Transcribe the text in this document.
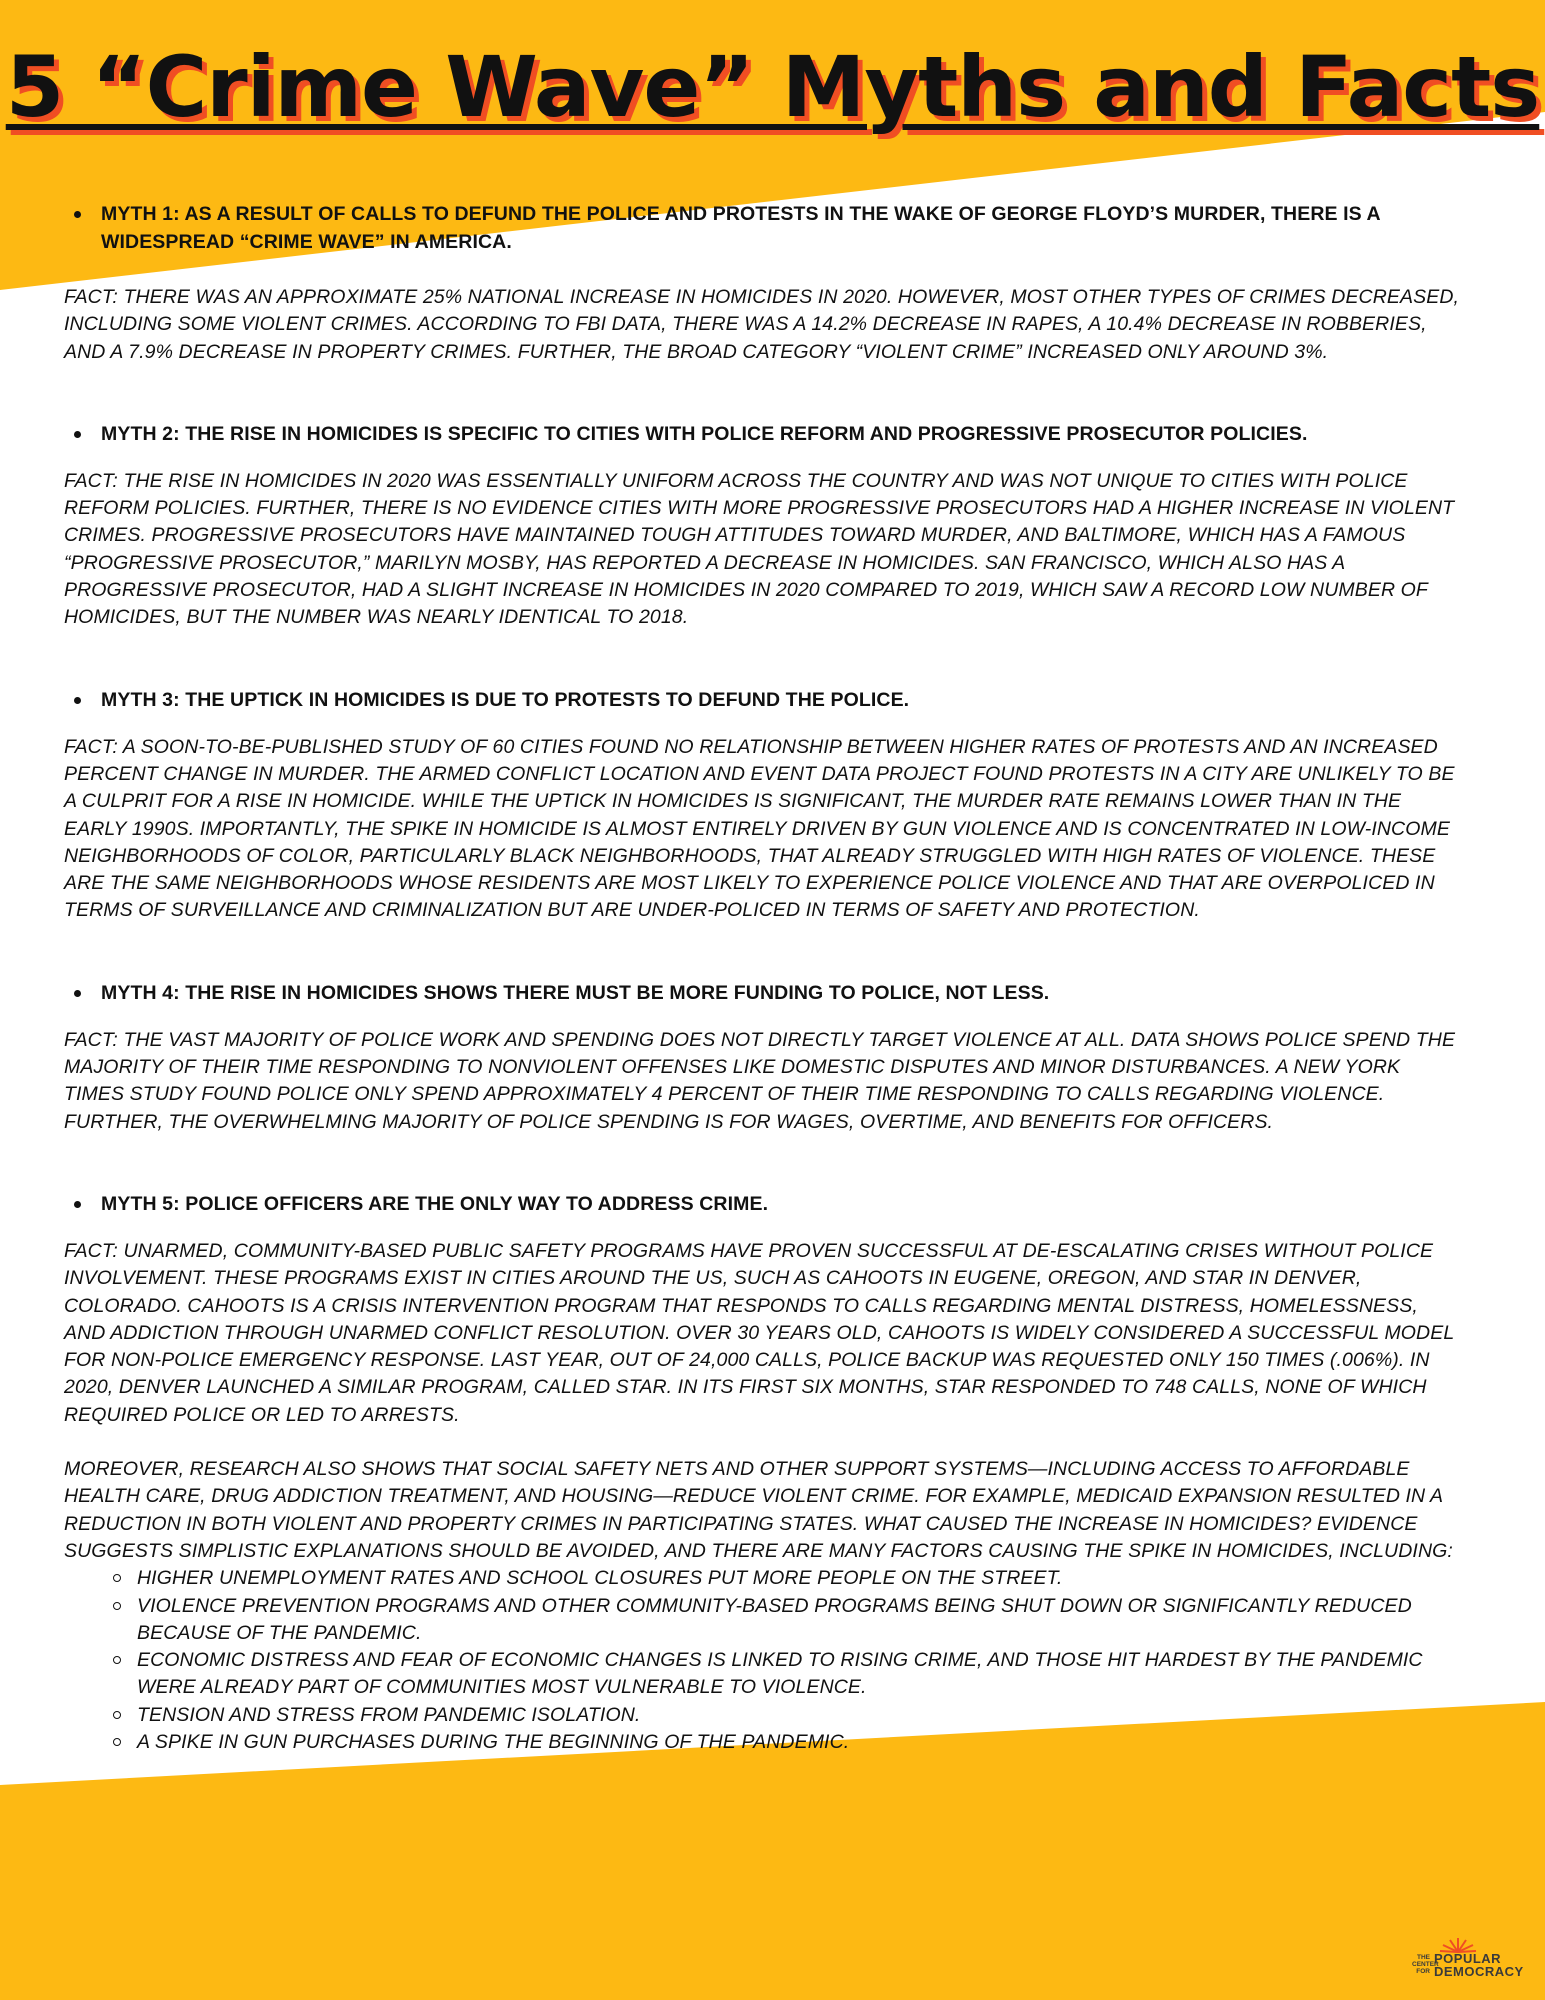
5 “Crime Wave” Myths and Facts

MYTH 1: AS A RESULT OF CALLS TO DEFUND THE POLICE AND PROTESTS IN THE WAKE OF GEORGE FLOYD’S MURDER, THERE IS A WIDESPREAD “CRIME WAVE” IN AMERICA.

FACT: THERE WAS AN APPROXIMATE 25% NATIONAL INCREASE IN HOMICIDES IN 2020. HOWEVER, MOST OTHER TYPES OF CRIMES DECREASED, INCLUDING SOME VIOLENT CRIMES. ACCORDING TO FBI DATA, THERE WAS A 14.2% DECREASE IN RAPES, A 10.4% DECREASE IN ROBBERIES, AND A 7.9% DECREASE IN PROPERTY CRIMES. FURTHER, THE BROAD CATEGORY “VIOLENT CRIME” INCREASED ONLY AROUND 3%.

MYTH 2: THE RISE IN HOMICIDES IS SPECIFIC TO CITIES WITH POLICE REFORM AND PROGRESSIVE PROSECUTOR POLICIES.

FACT: THE RISE IN HOMICIDES IN 2020 WAS ESSENTIALLY UNIFORM ACROSS THE COUNTRY AND WAS NOT UNIQUE TO CITIES WITH POLICE REFORM POLICIES. FURTHER, THERE IS NO EVIDENCE CITIES WITH MORE PROGRESSIVE PROSECUTORS HAD A HIGHER INCREASE IN VIOLENT CRIMES. PROGRESSIVE PROSECUTORS HAVE MAINTAINED TOUGH ATTITUDES TOWARD MURDER, AND BALTIMORE, WHICH HAS A FAMOUS “PROGRESSIVE PROSECUTOR,” MARILYN MOSBY, HAS REPORTED A DECREASE IN HOMICIDES. SAN FRANCISCO, WHICH ALSO HAS A PROGRESSIVE PROSECUTOR, HAD A SLIGHT INCREASE IN HOMICIDES IN 2020 COMPARED TO 2019, WHICH SAW A RECORD LOW NUMBER OF HOMICIDES, BUT THE NUMBER WAS NEARLY IDENTICAL TO 2018.

MYTH 3: THE UPTICK IN HOMICIDES IS DUE TO PROTESTS TO DEFUND THE POLICE.

FACT: A SOON-TO-BE-PUBLISHED STUDY OF 60 CITIES FOUND NO RELATIONSHIP BETWEEN HIGHER RATES OF PROTESTS AND AN INCREASED PERCENT CHANGE IN MURDER. THE ARMED CONFLICT LOCATION AND EVENT DATA PROJECT FOUND PROTESTS IN A CITY ARE UNLIKELY TO BE A CULPRIT FOR A RISE IN HOMICIDE. WHILE THE UPTICK IN HOMICIDES IS SIGNIFICANT, THE MURDER RATE REMAINS LOWER THAN IN THE EARLY 1990S. IMPORTANTLY, THE SPIKE IN HOMICIDE IS ALMOST ENTIRELY DRIVEN BY GUN VIOLENCE AND IS CONCENTRATED IN LOW-INCOME NEIGHBORHOODS OF COLOR, PARTICULARLY BLACK NEIGHBORHOODS, THAT ALREADY STRUGGLED WITH HIGH RATES OF VIOLENCE. THESE ARE THE SAME NEIGHBORHOODS WHOSE RESIDENTS ARE MOST LIKELY TO EXPERIENCE POLICE VIOLENCE AND THAT ARE OVERPOLICED IN TERMS OF SURVEILLANCE AND CRIMINALIZATION BUT ARE UNDER-POLICED IN TERMS OF SAFETY AND PROTECTION.

MYTH 4: THE RISE IN HOMICIDES SHOWS THERE MUST BE MORE FUNDING TO POLICE, NOT LESS.

FACT: THE VAST MAJORITY OF POLICE WORK AND SPENDING DOES NOT DIRECTLY TARGET VIOLENCE AT ALL. DATA SHOWS POLICE SPEND THE MAJORITY OF THEIR TIME RESPONDING TO NONVIOLENT OFFENSES LIKE DOMESTIC DISPUTES AND MINOR DISTURBANCES. A NEW YORK TIMES STUDY FOUND POLICE ONLY SPEND APPROXIMATELY 4 PERCENT OF THEIR TIME RESPONDING TO CALLS REGARDING VIOLENCE. FURTHER, THE OVERWHELMING MAJORITY OF POLICE SPENDING IS FOR WAGES, OVERTIME, AND BENEFITS FOR OFFICERS.

MYTH 5: POLICE OFFICERS ARE THE ONLY WAY TO ADDRESS CRIME.

FACT: UNARMED, COMMUNITY-BASED PUBLIC SAFETY PROGRAMS HAVE PROVEN SUCCESSFUL AT DE-ESCALATING CRISES WITHOUT POLICE INVOLVEMENT. THESE PROGRAMS EXIST IN CITIES AROUND THE US, SUCH AS CAHOOTS IN EUGENE, OREGON, AND STAR IN DENVER, COLORADO. CAHOOTS IS A CRISIS INTERVENTION PROGRAM THAT RESPONDS TO CALLS REGARDING MENTAL DISTRESS, HOMELESSNESS, AND ADDICTION THROUGH UNARMED CONFLICT RESOLUTION. OVER 30 YEARS OLD, CAHOOTS IS WIDELY CONSIDERED A SUCCESSFUL MODEL FOR NON-POLICE EMERGENCY RESPONSE. LAST YEAR, OUT OF 24,000 CALLS, POLICE BACKUP WAS REQUESTED ONLY 150 TIMES (.006%). IN 2020, DENVER LAUNCHED A SIMILAR PROGRAM, CALLED STAR. IN ITS FIRST SIX MONTHS, STAR RESPONDED TO 748 CALLS, NONE OF WHICH REQUIRED POLICE OR LED TO ARRESTS.

MOREOVER, RESEARCH ALSO SHOWS THAT SOCIAL SAFETY NETS AND OTHER SUPPORT SYSTEMS—INCLUDING ACCESS TO AFFORDABLE HEALTH CARE, DRUG ADDICTION TREATMENT, AND HOUSING—REDUCE VIOLENT CRIME. FOR EXAMPLE, MEDICAID EXPANSION RESULTED IN A REDUCTION IN BOTH VIOLENT AND PROPERTY CRIMES IN PARTICIPATING STATES. WHAT CAUSED THE INCREASE IN HOMICIDES? EVIDENCE SUGGESTS SIMPLISTIC EXPLANATIONS SHOULD BE AVOIDED, AND THERE ARE MANY FACTORS CAUSING THE SPIKE IN HOMICIDES, INCLUDING:

HIGHER UNEMPLOYMENT RATES AND SCHOOL CLOSURES PUT MORE PEOPLE ON THE STREET.
VIOLENCE PREVENTION PROGRAMS AND OTHER COMMUNITY-BASED PROGRAMS BEING SHUT DOWN OR SIGNIFICANTLY REDUCED BECAUSE OF THE PANDEMIC.
ECONOMIC DISTRESS AND FEAR OF ECONOMIC CHANGES IS LINKED TO RISING CRIME, AND THOSE HIT HARDEST BY THE PANDEMIC WERE ALREADY PART OF COMMUNITIES MOST VULNERABLE TO VIOLENCE.
TENSION AND STRESS FROM PANDEMIC ISOLATION.
A SPIKE IN GUN PURCHASES DURING THE BEGINNING OF THE PANDEMIC.
THE
CENTER
FOR
POPULAR
DEMOCRACY
